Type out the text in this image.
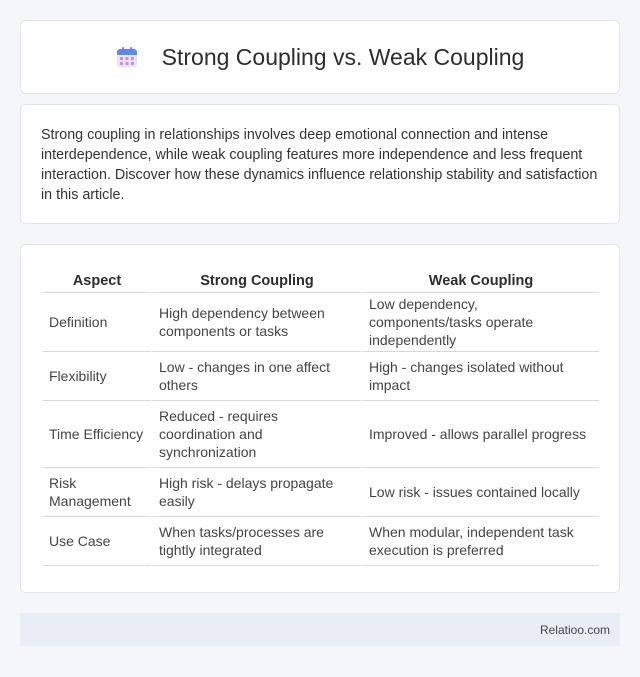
Strong Coupling vs. Weak Coupling

Strong coupling in relationships involves deep emotional connection and intense interdependence, while weak coupling features more independence and less frequent interaction. Discover how these dynamics influence relationship stability and satisfaction in this article.

Aspect	Strong Coupling	Weak Coupling
Definition	High dependency between components or tasks	Low dependency, components/tasks operate independently
Flexibility	Low - changes in one affect others	High - changes isolated without impact
Time Efficiency	Reduced - requires coordination and synchronization	Improved - allows parallel progress
Risk Management	High risk - delays propagate easily	Low risk - issues contained locally
Use Case	When tasks/processes are tightly integrated	When modular, independent task execution is preferred
Relatioo.com
